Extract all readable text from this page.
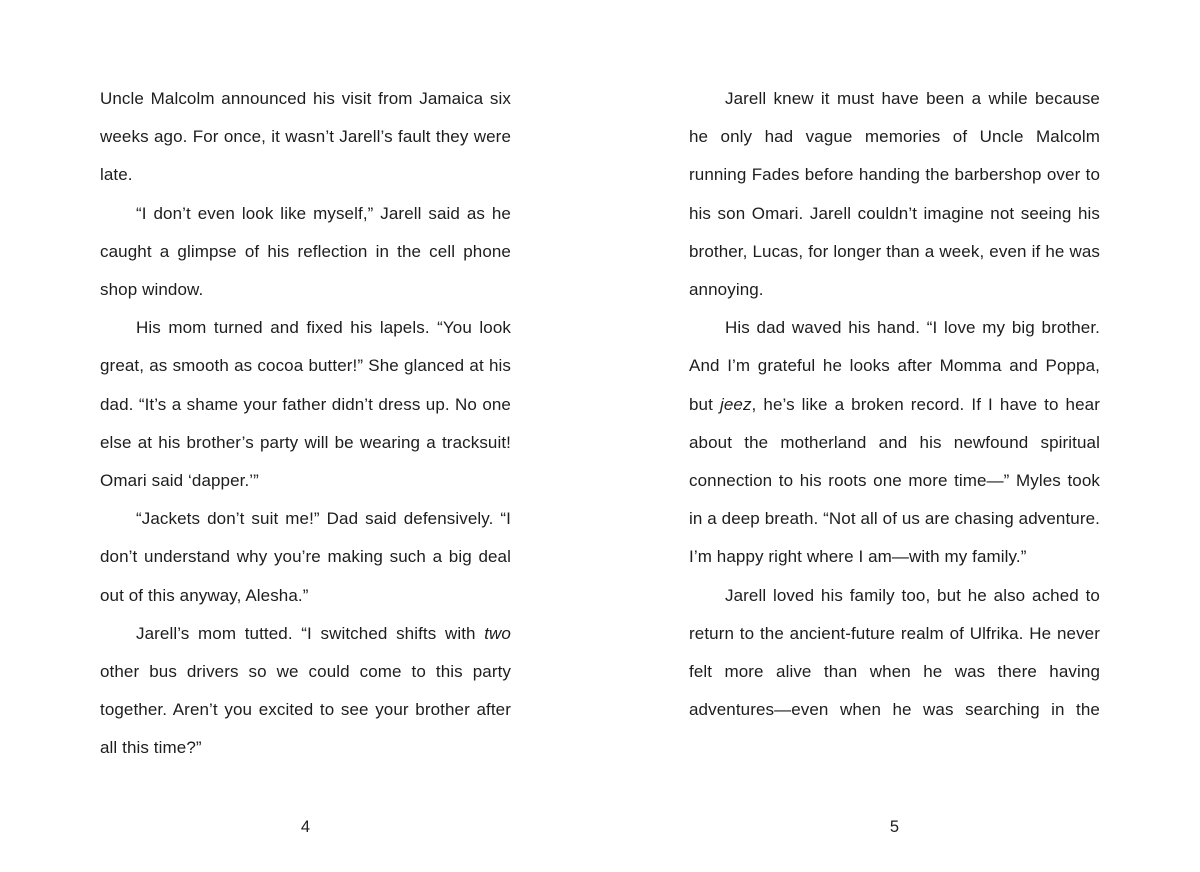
Uncle Malcolm announced his visit from Jamaica six weeks ago. For once, it wasn’t Jarell’s fault they were late.

“I don’t even look like myself,” Jarell said as he caught a glimpse of his reflection in the cell phone shop window.

His mom turned and fixed his lapels. “You look great, as smooth as cocoa butter!” She glanced at his dad. “It’s a shame your father didn’t dress up. No one else at his brother’s party will be wearing a tracksuit! Omari said ‘dapper.’”

“Jackets don’t suit me!” Dad said defensively. “I don’t understand why you’re making such a big deal out of this anyway, Alesha.”

Jarell’s mom tutted. “I switched shifts with two other bus drivers so we could come to this party together. Aren’t you excited to see your brother after all this time?”

4

Jarell knew it must have been a while because he only had vague memories of Uncle Malcolm running Fades before handing the barbershop over to his son Omari. Jarell couldn’t imagine not seeing his brother, Lucas, for longer than a week, even if he was annoying.

His dad waved his hand. “I love my big brother. And I’m grateful he looks after Momma and Poppa, but jeez, he’s like a broken record. If I have to hear about the motherland and his newfound spiritual connection to his roots one more time—” Myles took in a deep breath. “Not all of us are chasing adventure. I’m happy right where I am—with my family.”

Jarell loved his family too, but he also ached to return to the ancient-future realm of Ulfrika. He never felt more alive than when he was there having adventures—even when he was searching in the

5
